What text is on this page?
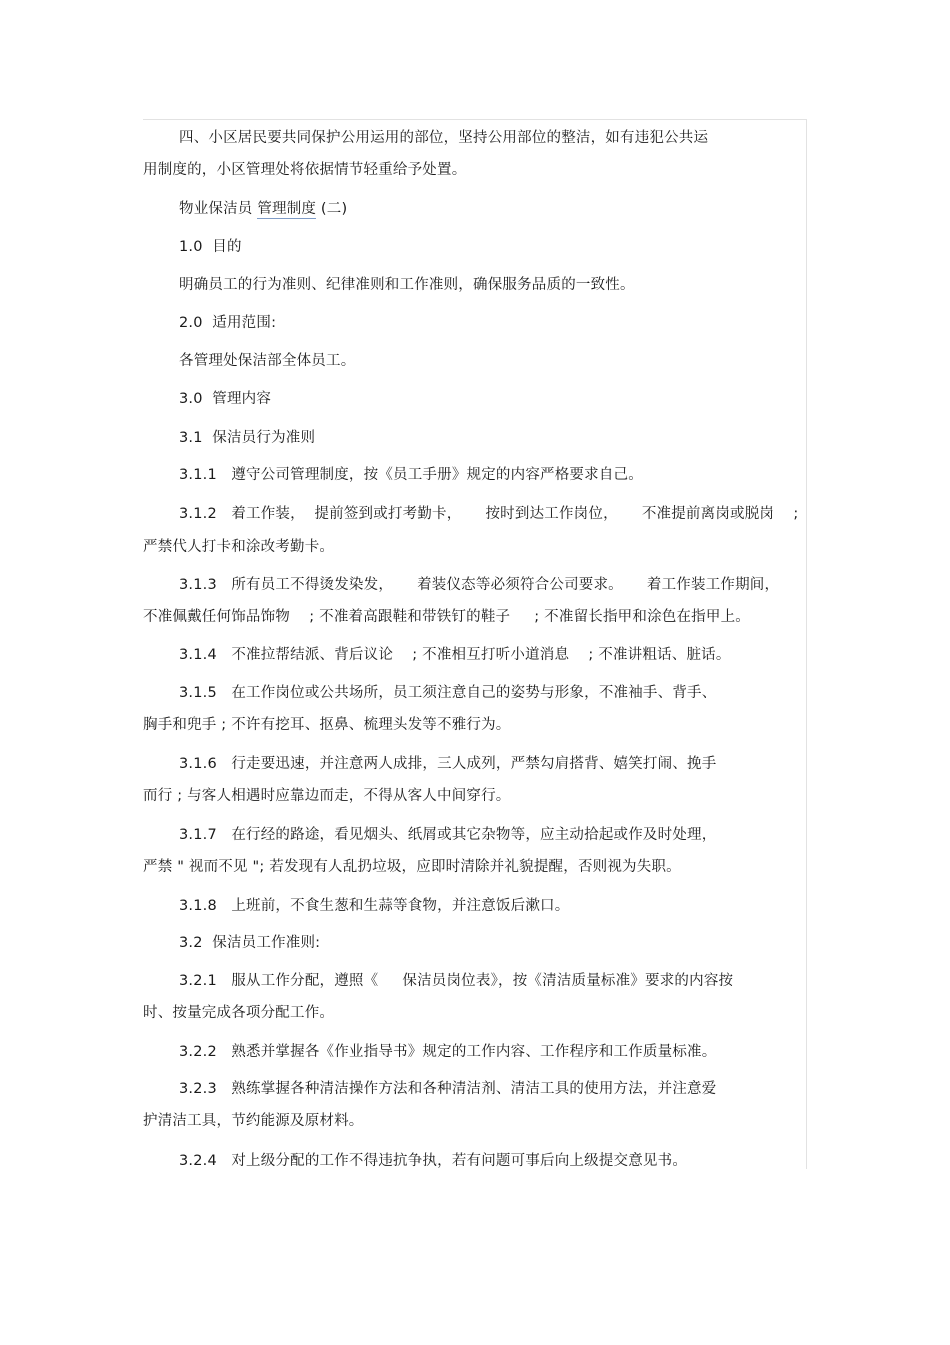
四、小区居民要共同保护公用运用的部位，坚持公用部位的整洁，如有违犯公共运
用制度的，小区管理处将依据情节轻重给予处置。
物业保洁员 管理制度 (二)
1.0  目的
明确员工的行为准则、纪律准则和工作准则，确保服务品质的一致性。
2.0  适用范围:
各管理处保洁部全体员工。
3.0  管理内容
3.1  保洁员行为准则
3.1.1   遵守公司管理制度，按《员工手册》规定的内容严格要求自己。
3.1.2   着工作装，  提前签到或打考勤卡，     按时到达工作岗位，     不准提前离岗或脱岗    ;
严禁代人打卡和涂改考勤卡。
3.1.3   所有员工不得烫发染发，     着装仪态等必须符合公司要求。     着工作装工作期间，
不准佩戴任何饰品饰物    ; 不准着高跟鞋和带铁钉的鞋子     ; 不准留长指甲和涂色在指甲上。
3.1.4   不准拉帮结派、背后议论    ; 不准相互打听小道消息    ; 不准讲粗话、脏话。
3.1.5   在工作岗位或公共场所，员工须注意自己的姿势与形象，不准袖手、背手、
胸手和兜手 ; 不许有挖耳、抠鼻、梳理头发等不雅行为。
3.1.6   行走要迅速，并注意两人成排，三人成列，严禁勾肩搭背、嬉笑打闹、挽手
而行 ; 与客人相遇时应靠边而走，不得从客人中间穿行。
3.1.7   在行经的路途，看见烟头、纸屑或其它杂物等，应主动拾起或作及时处理，
严禁 " 视而不见 "; 若发现有人乱扔垃圾，应即时清除并礼貌提醒，否则视为失职。
3.1.8   上班前，不食生葱和生蒜等食物，并注意饭后漱口。
3.2  保洁员工作准则:
3.2.1   服从工作分配，遵照《     保洁员岗位表》，按《清洁质量标准》要求的内容按
时、按量完成各项分配工作。
3.2.2   熟悉并掌握各《作业指导书》规定的工作内容、工作程序和工作质量标准。
3.2.3   熟练掌握各种清洁操作方法和各种清洁剂、清洁工具的使用方法，并注意爱
护清洁工具，节约能源及原材料。
3.2.4   对上级分配的工作不得违抗争执，若有问题可事后向上级提交意见书。
